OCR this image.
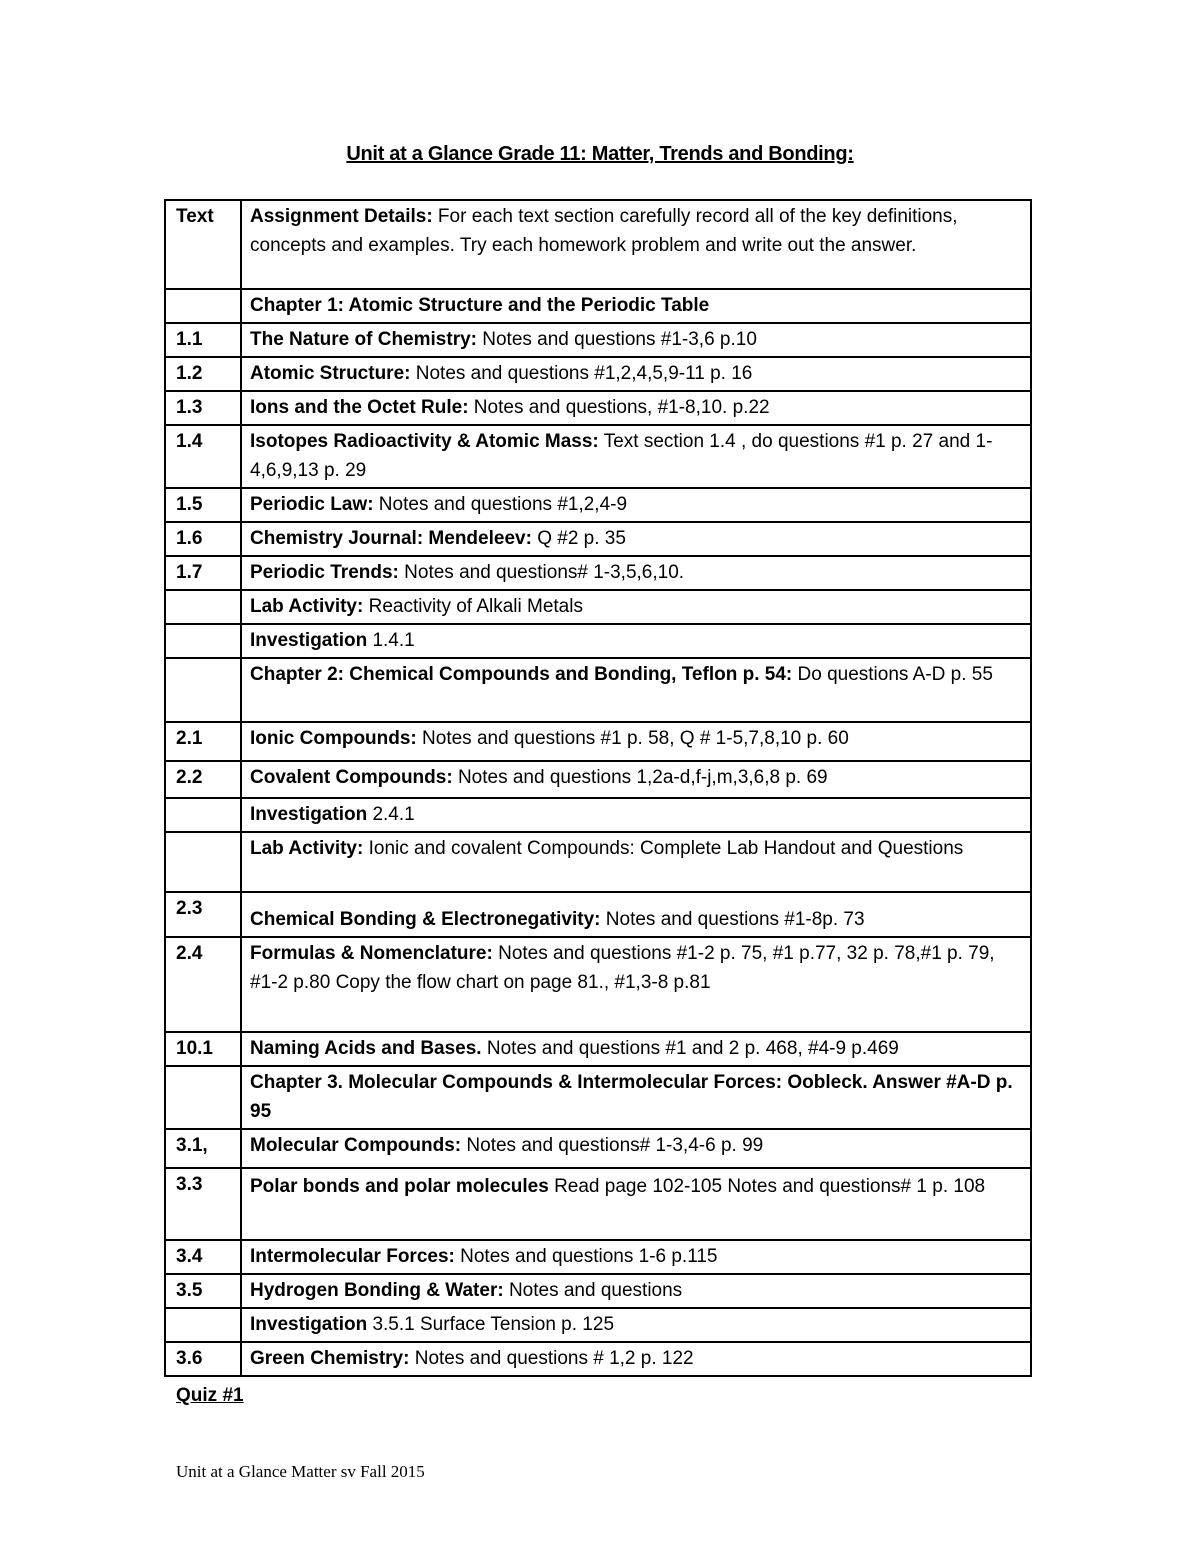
Unit at a Glance Grade 11: Matter, Trends and Bonding:
Text	Assignment Details: For each text section carefully record all of the key definitions, concepts and examples. Try each homework problem and write out the answer.
	Chapter 1: Atomic Structure and the Periodic Table
1.1	The Nature of Chemistry: Notes and questions #1-3,6 p.10
1.2	Atomic Structure: Notes and questions #1,2,4,5,9-11 p. 16
1.3	Ions and the Octet Rule: Notes and questions, #1-8,10. p.22
1.4	Isotopes Radioactivity & Atomic Mass: Text section 1.4 , do questions #1 p. 27 and 1-4,6,9,13 p. 29
1.5	Periodic Law: Notes and questions #1,2,4-9
1.6	Chemistry Journal: Mendeleev: Q #2 p. 35
1.7	Periodic Trends: Notes and questions# 1-3,5,6,10.
	Lab Activity: Reactivity of Alkali Metals
	Investigation 1.4.1
	Chapter 2: Chemical Compounds and Bonding, Teflon p. 54: Do questions A-D p. 55
2.1	Ionic Compounds: Notes and questions #1 p. 58, Q # 1-5,7,8,10 p. 60
2.2	Covalent Compounds: Notes and questions 1,2a-d,f-j,m,3,6,8 p. 69
	Investigation 2.4.1
	Lab Activity: Ionic and covalent Compounds: Complete Lab Handout and Questions
2.3	Chemical Bonding & Electronegativity: Notes and questions #1-8p. 73
2.4	Formulas & Nomenclature: Notes and questions #1-2 p. 75, #1 p.77, 32 p. 78,#1 p. 79, #1-2 p.80 Copy the flow chart on page 81., #1,3-8 p.81
10.1	Naming Acids and Bases. Notes and questions #1 and 2 p. 468, #4-9 p.469
	Chapter 3. Molecular Compounds & Intermolecular Forces: Oobleck. Answer #A-D p. 95
3.1,	Molecular Compounds: Notes and questions# 1-3,4-6 p. 99
3.3	Polar bonds and polar molecules Read page 102-105 Notes and questions# 1 p. 108
3.4	Intermolecular Forces: Notes and questions 1-6 p.115
3.5	Hydrogen Bonding & Water: Notes and questions
	Investigation 3.5.1 Surface Tension p. 125
3.6	Green Chemistry: Notes and questions # 1,2 p. 122
Quiz #1
Unit at a Glance Matter sv Fall 2015
